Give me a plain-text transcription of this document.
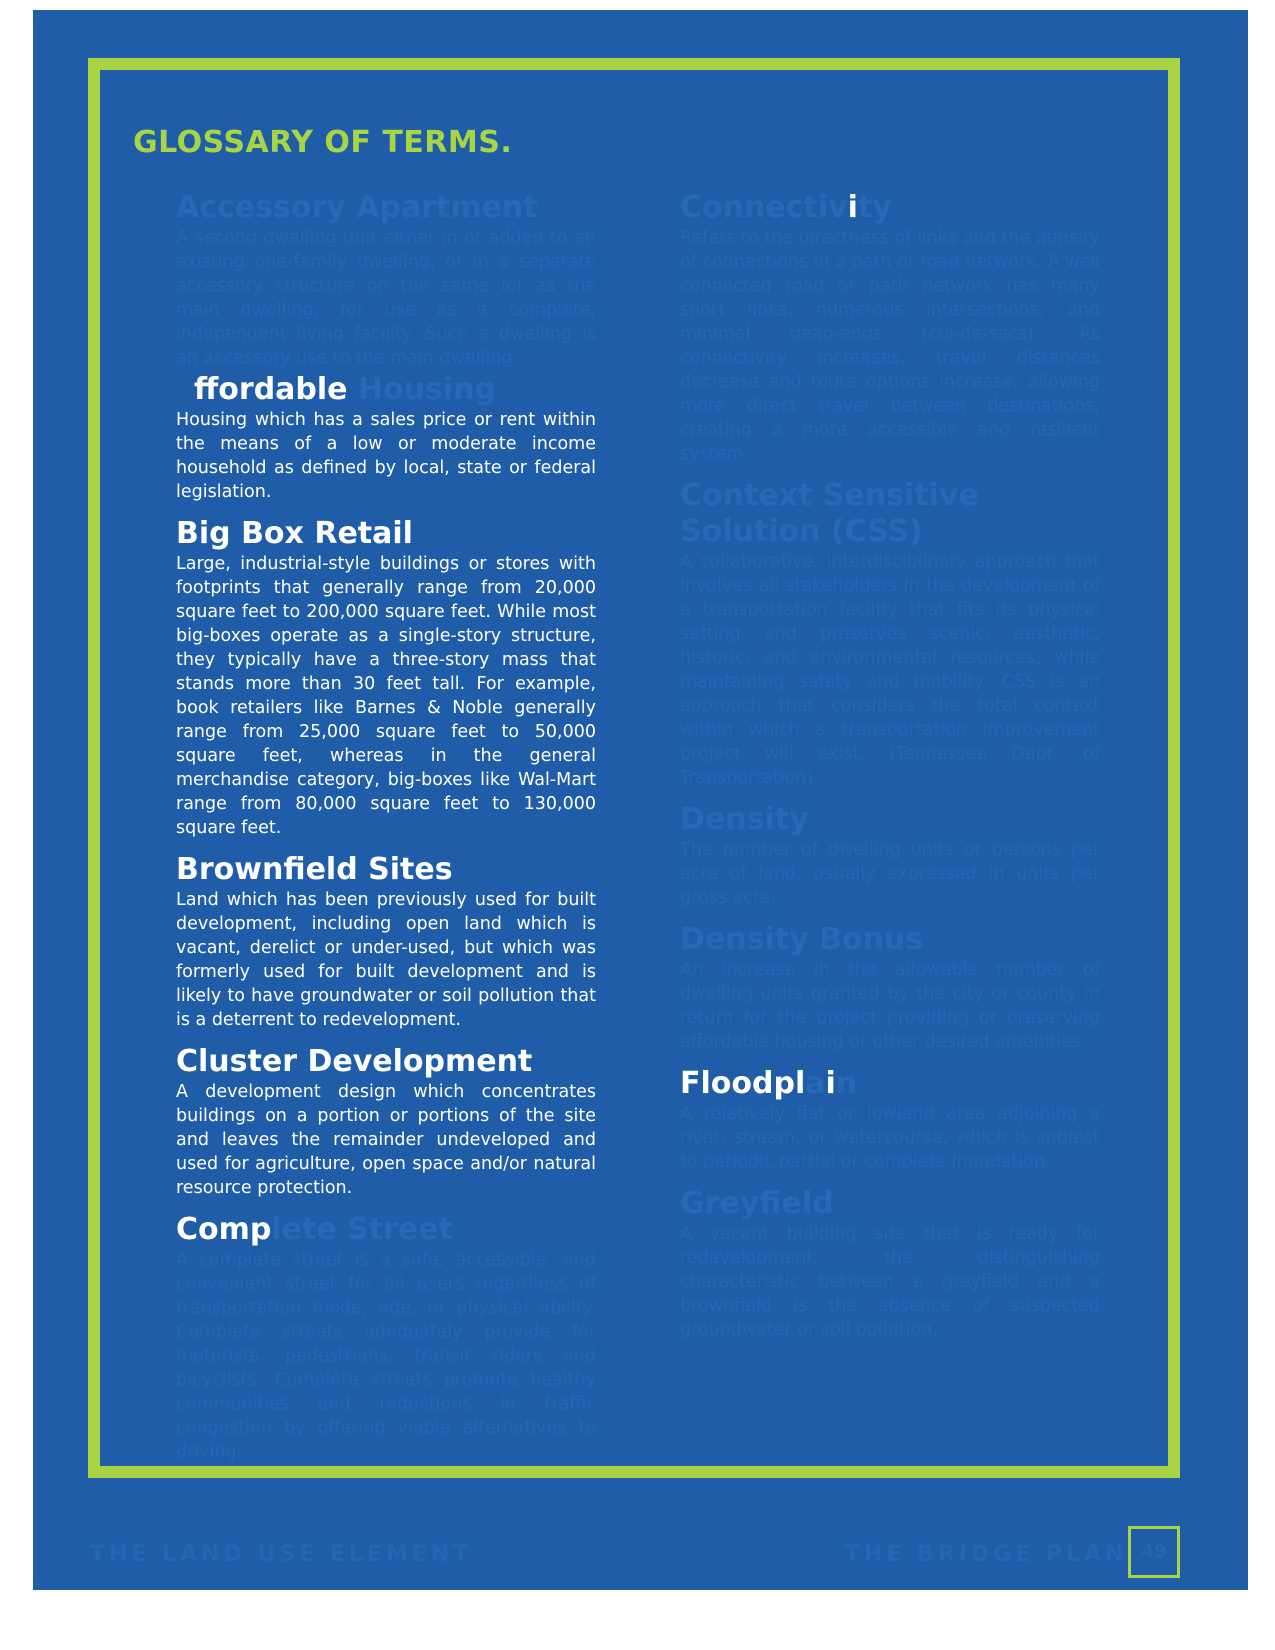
GLOSSARY OF TERMS.

Accessory Apartment

A second dwelling unit either in or added to an existing one-family dwelling, or in a separate accessory structure on the same lot as the main dwelling, for use as a complete, independent living facility. Such a dwelling is an accessory use to the main dwelling.

ffordable Housing

Housing which has a sales price or rent within the means of a low or moderate income household as defined by local, state or federal legislation.

Big Box Retail

Large, industrial-style buildings or stores with footprints that generally range from 20,000 square feet to 200,000 square feet. While most big-boxes operate as a single-story structure, they typically have a three-story mass that stands more than 30 feet tall. For example, book retailers like Barnes & Noble generally range from 25,000 square feet to 50,000 square feet, whereas in the general merchandise category, big-boxes like Wal-Mart range from 80,000 square feet to 130,000 square feet.

Brownfield Sites

Land which has been previously used for built development, including open land which is vacant, derelict or under-used, but which was formerly used for built development and is likely to have groundwater or soil pollution that is a deterrent to redevelopment.

Cluster Development

A development design which concentrates buildings on a portion or portions of the site and leaves the remainder undeveloped and used for agriculture, open space and/or natural resource protection.

Complete Street

A complete street is a safe, accessible, and convenient street for all users regardless of transportation mode, age, or physical ability. Complete streets adequately provide for motorists, pedestrians, transit riders and bicyclists. Complete streets promote healthy communities and reductions in traffic congestion by offering viable alternatives to driving.

Connectivity

Refers to the directness of links and the density of connections in a path or road network. A well connected road or path network has many short links, numerous intersections, and minimal dead-ends (cul-de-sacs). As connectivity increases, travel distances decrease and route options increase, allowing more direct travel between destinations, creating a more accessible and resilient system.

Context Sensitive Solution (CSS)

A collaborative, interdisciplinary approach that involves all stakeholders in the development of a transportation facility that fits its physical setting and preserves scenic, aesthetic, historic, and environmental resources, while maintaining safety and mobility. CSS is an approach that considers the total context within which a transportation improvement project will exist. (Tennessee Dept. of Transportation)

Density

The number of dwelling units or persons per acre of land, usually expressed in units per gross acre.

Density Bonus

An increase in the allowable number of dwelling units granted by the city or county in return for the project providing or preserving affordable housing or other desired amenities.

Floodplain

A relatively flat or lowland area adjoining a river, stream, or watercourse, which is subject to periodic partial or complete inundation.

Greyfield

A vacant building site that is ready for redevelopment; the distinguishing characteristic between a greyfield and a brownfield is the absence of suspected groundwater or soil pollution.

THE LAND USE ELEMENT	THE BRIDGE PLAN 49
